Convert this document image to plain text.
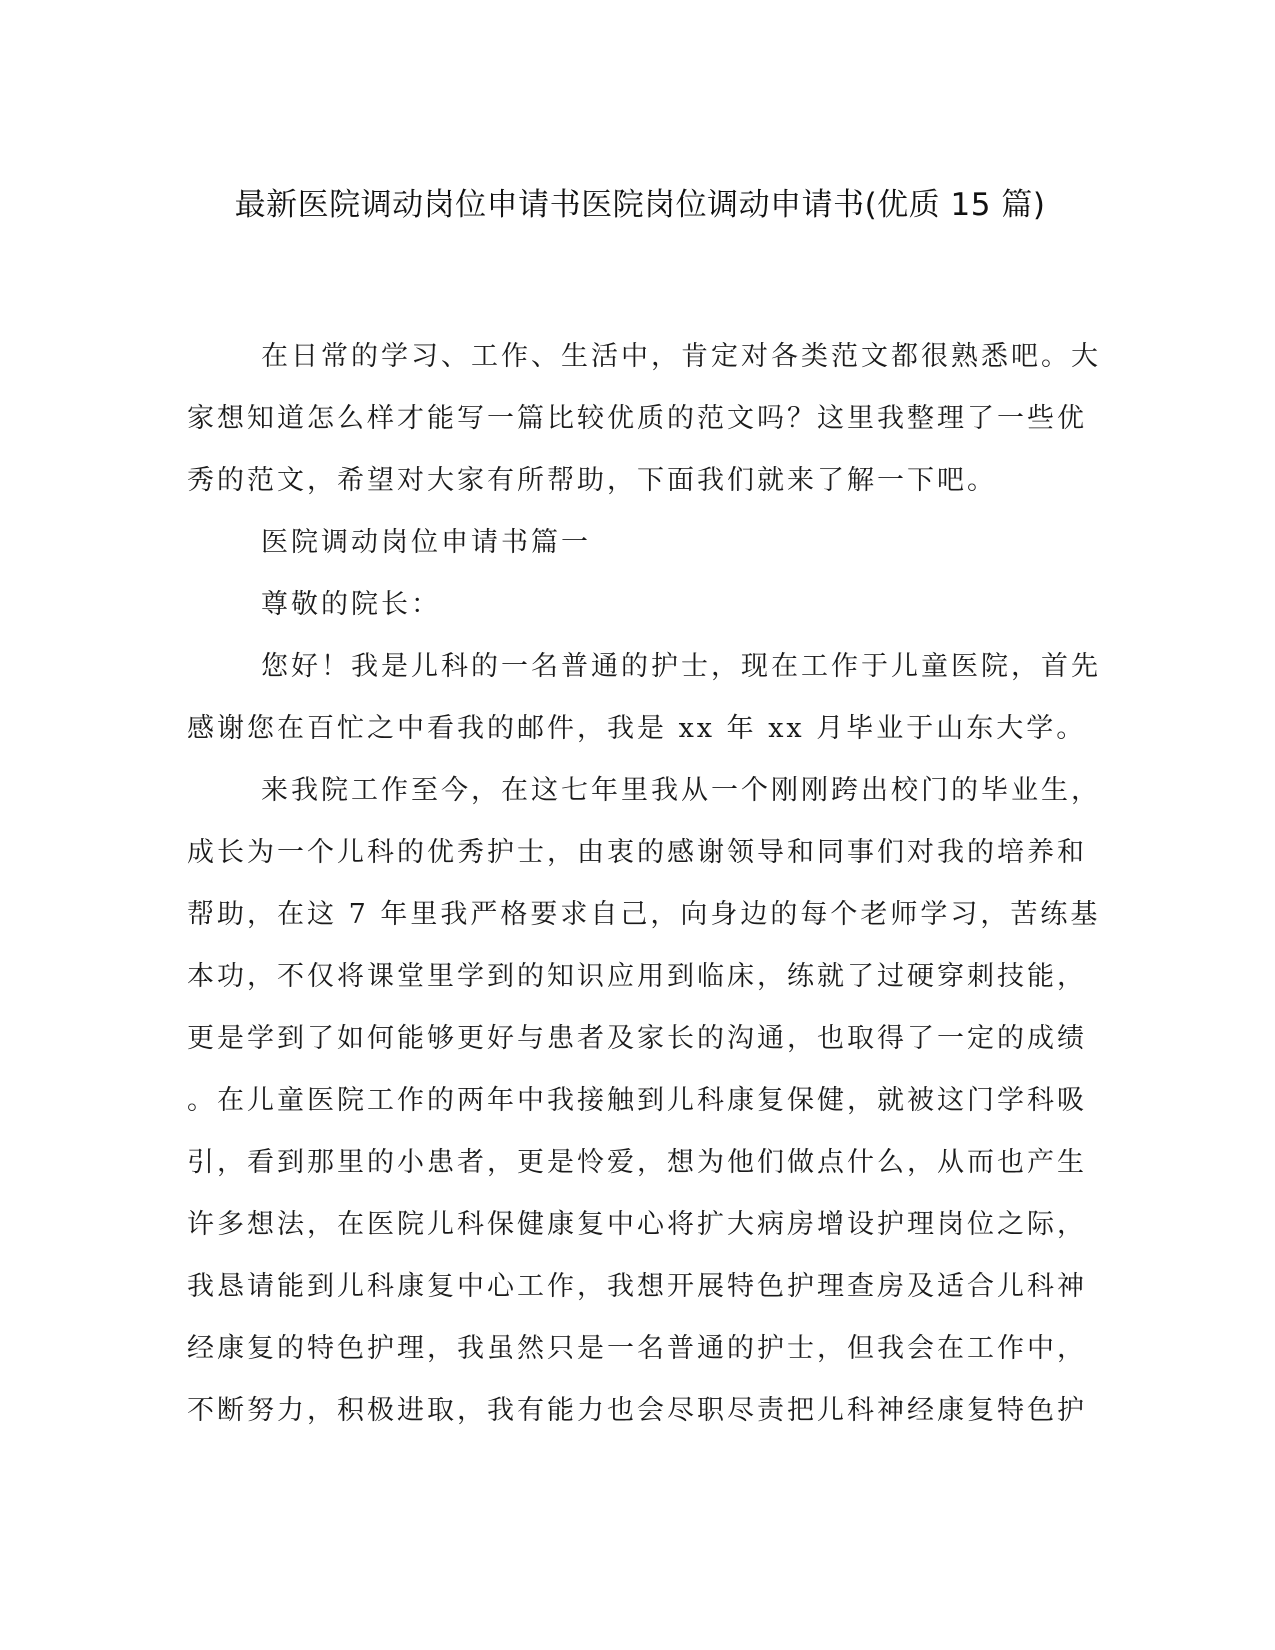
最新医院调动岗位申请书医院岗位调动申请书(优质 15 篇)
在日常的学习、工作、生活中，肯定对各类范文都很熟悉吧。大
家想知道怎么样才能写一篇比较优质的范文吗？这里我整理了一些优
秀的范文，希望对大家有所帮助，下面我们就来了解一下吧。
医院调动岗位申请书篇一
尊敬的院长：
您好！我是儿科的一名普通的护士，现在工作于儿童医院，首先
感谢您在百忙之中看我的邮件，我是 xx 年 xx 月毕业于山东大学。
来我院工作至今，在这七年里我从一个刚刚跨出校门的毕业生，
成长为一个儿科的优秀护士，由衷的感谢领导和同事们对我的培养和
帮助，在这 7 年里我严格要求自己，向身边的每个老师学习，苦练基
本功，不仅将课堂里学到的知识应用到临床，练就了过硬穿刺技能，
更是学到了如何能够更好与患者及家长的沟通，也取得了一定的成绩
。在儿童医院工作的两年中我接触到儿科康复保健，就被这门学科吸
引，看到那里的小患者，更是怜爱，想为他们做点什么，从而也产生
许多想法，在医院儿科保健康复中心将扩大病房增设护理岗位之际，
我恳请能到儿科康复中心工作，我想开展特色护理查房及适合儿科神
经康复的特色护理，我虽然只是一名普通的护士，但我会在工作中，
不断努力，积极进取，我有能力也会尽职尽责把儿科神经康复特色护
